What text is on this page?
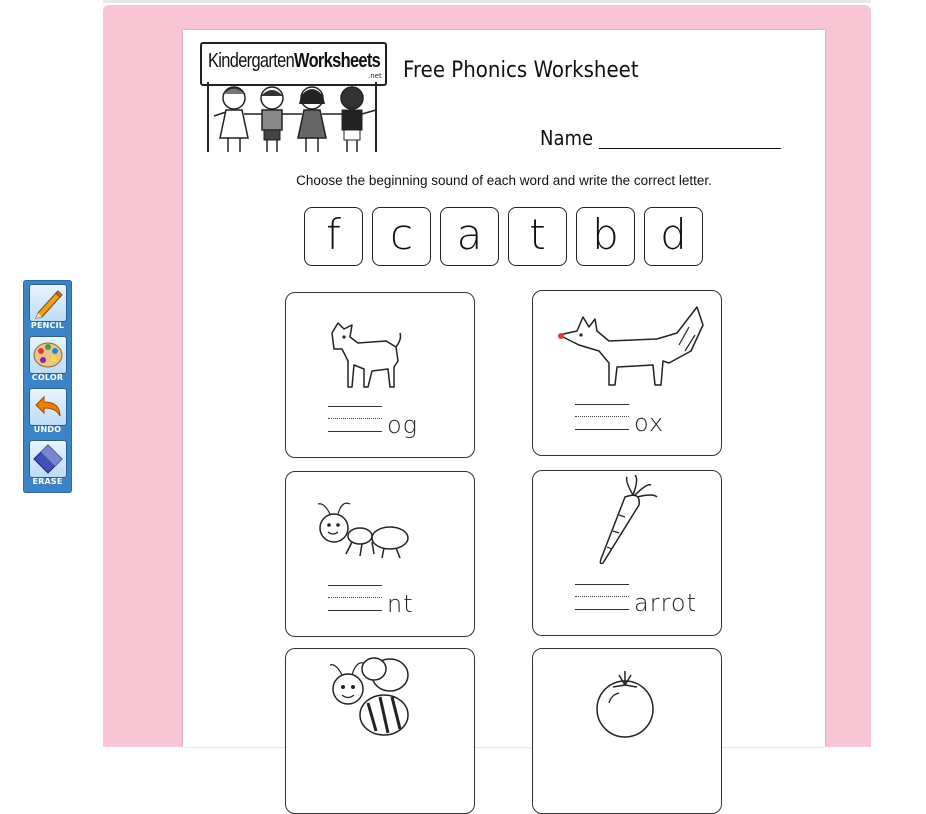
PENCIL
COLOR
UNDO
ERASE
KindergartenWorksheets
.net Free Phonics Worksheet
Name
Choose the beginning sound of each word and write the correct letter.
f	c	a	t	b d
og	ox
nt	arrot
